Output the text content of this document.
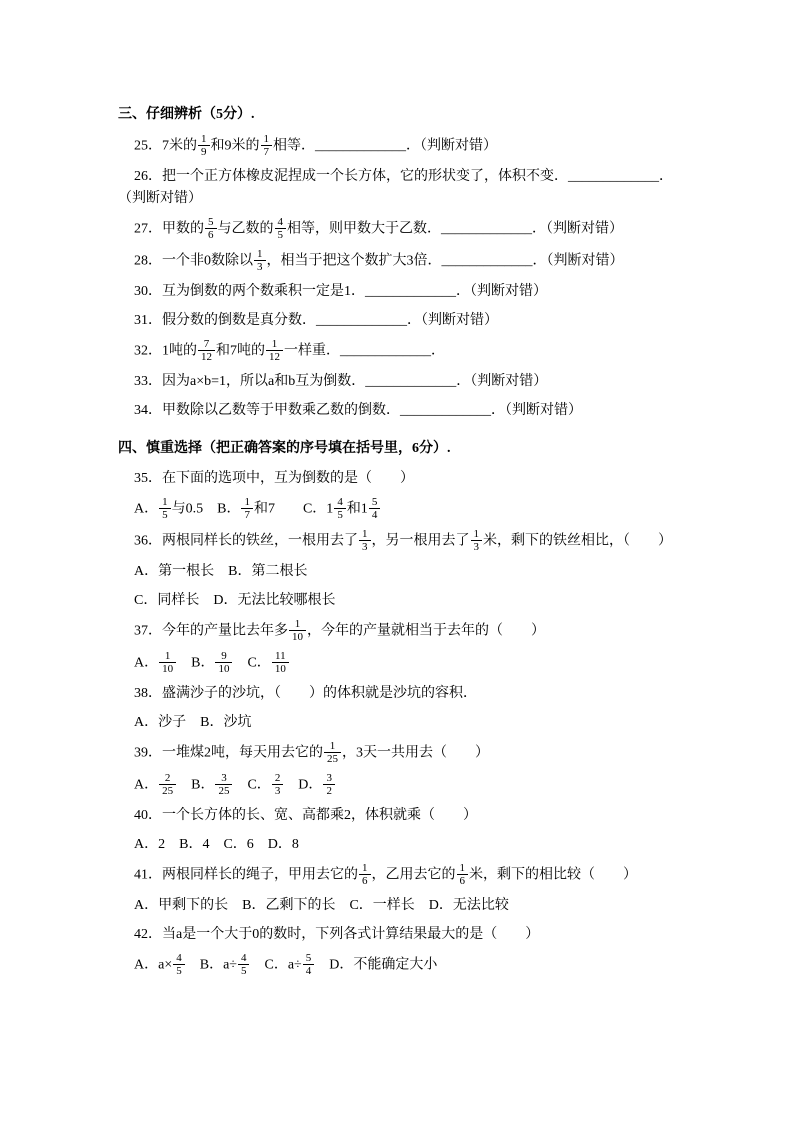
三、仔细辨析（5分）.
25．7米的 $\frac{1}{9}$ 和9米的 $\frac{1}{7}$ 相等．_____________．（判断对错）
26．把一个正方体橡皮泥捏成一个长方体，它的形状变了，体积不变．_____________．（判断对错）
27．甲数的 $\frac{5}{6}$ 与乙数的 $\frac{4}{5}$ 相等，则甲数大于乙数．_____________．（判断对错）
28．一个非0数除以 $\frac{1}{3}$ ，相当于把这个数扩大3倍．_____________．（判断对错）
30．互为倒数的两个数乘积一定是1．_____________．（判断对错）
31．假分数的倒数是真分数．_____________．（判断对错）
32．1吨的 $\frac{7}{12}$ 和7吨的 $\frac{1}{12}$ 一样重．_____________．
33．因为a×b=1，所以a和b互为倒数．_____________．（判断对错）
34．甲数除以乙数等于甲数乘乙数的倒数．_____________．（判断对错）
四、慎重选择（把正确答案的序号填在括号里，6分）.
35．在下面的选项中，互为倒数的是（　　）
A． $\frac{1}{5}$ 与0.5　B． $\frac{1}{7}$ 和7　　C．$1 \frac{4}{5}$ 和$1 \frac{5}{4}$
36．两根同样长的铁丝，一根用去了 $\frac{1}{3}$ ，另一根用去了 $\frac{1}{3}$ 米，剩下的铁丝相比，（　　）
A．第一根长　B．第二根长
C．同样长　D．无法比较哪根长
37．今年的产量比去年多 $\frac{1}{10}$ ，今年的产量就相当于去年的（　　）
A． $\frac{1}{10}$ 　B． $\frac{9}{10}$ 　C． $\frac{11}{10}$
38．盛满沙子的沙坑，（　　）的体积就是沙坑的容积．
A．沙子　B．沙坑
39．一堆煤2吨，每天用去它的 $\frac{1}{25}$ ，3天一共用去（　　）
A． $\frac{2}{25}$ 　B． $\frac{3}{25}$ 　C． $\frac{2}{3}$ 　D． $\frac{3}{2}$
40．一个长方体的长、宽、高都乘2，体积就乘（　　）
A．2　B．4　C．6　D．8
41．两根同样长的绳子，甲用去它的 $\frac{1}{6}$ ，乙用去它的 $\frac{1}{6}$ 米，剩下的相比较（　　）
A．甲剩下的长　B．乙剩下的长　C．一样长　D．无法比较
42．当a是一个大于0的数时，下列各式计算结果最大的是（　　）
A．$a\times \frac{4}{5}$ 　B．$a\div \frac{4}{5}$ 　C．$a\div \frac{5}{4}$ 　D．不能确定大小
